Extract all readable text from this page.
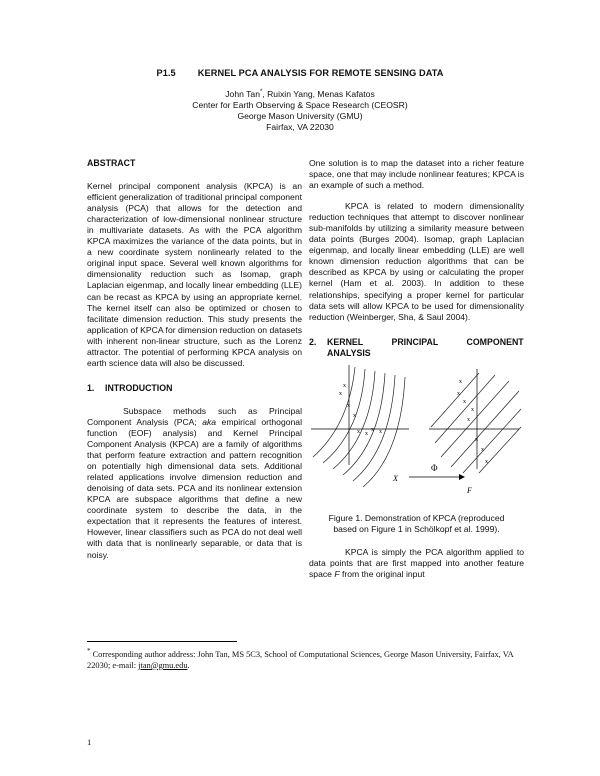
P1.5 KERNEL PCA ANALYSIS FOR REMOTE SENSING DATA
John Tan*, Ruixin Yang, Menas Kafatos
Center for Earth Observing & Space Research (CEOSR)
George Mason University (GMU)
Fairfax, VA 22030
ABSTRACT

Kernel principal component analysis (KPCA) is an efficient generalization of traditional principal component analysis (PCA) that allows for the detection and characterization of low-dimensional nonlinear structure in multivariate datasets. As with the PCA algorithm KPCA maximizes the variance of the data points, but in a new coordinate system nonlinearly related to the original input space. Several well known algorithms for dimensionality reduction such as Isomap, graph Laplacian eigenmap, and locally linear embedding (LLE) can be recast as KPCA by using an appropriate kernel. The kernel itself can also be optimized or chosen to facilitate dimension reduction. This study presents the application of KPCA for dimension reduction on datasets with inherent non-linear structure, such as the Lorenz attractor. The potential of performing KPCA analysis on earth science data will also be discussed.

1.	INTRODUCTION

Subspace methods such as Principal Component Analysis (PCA; aka empirical orthogonal function (EOF) analysis) and Kernel Principal Component Analysis (KPCA) are a family of algorithms that perform feature extraction and pattern recognition on potentially high dimensional data sets. Additional related applications involve dimension reduction and denoising of data sets. PCA and its nonlinear extension KPCA are subspace algorithms that define a new coordinate system to describe the data, in the expectation that it represents the features of interest. However, linear classifiers such as PCA do not deal well with data that is nonlinearly separable, or data that is noisy.

One solution is to map the dataset into a richer feature space, one that may include nonlinear features; KPCA is an example of such a method.

KPCA is related to modern dimensionality reduction techniques that attempt to discover nonlinear sub-manifolds by utilizing a similarity measure between data points (Burges 2004). Isomap, graph Laplacian eigenmap, and locally linear embedding (LLE) are well known dimension reduction algorithms that can be described as KPCA by using or calculating the proper kernel (Ham et al. 2003). In addition to these relationships, specifying a proper kernel for particular data sets will allow KPCA to be used for dimensionality reduction (Weinberger, Sha, & Saul 2004).

2.	KERNEL PRINCIPAL COMPONENT
ANALYSIS
x
x
x
x x
x x
x
x
x
x
x
x
x
x
x
Φ
X
F
Figure 1. Demonstration of KPCA (reproduced
based on Figure 1 in Schölkopf et al. 1999).

KPCA is simply the PCA algorithm applied to data points that are first mapped into another feature space F from the original input

* Corresponding author address: John Tan, MS 5C3, School of Computational Sciences, George Mason University, Fairfax, VA 22030; e-mail: jtan@gmu.edu.
1
